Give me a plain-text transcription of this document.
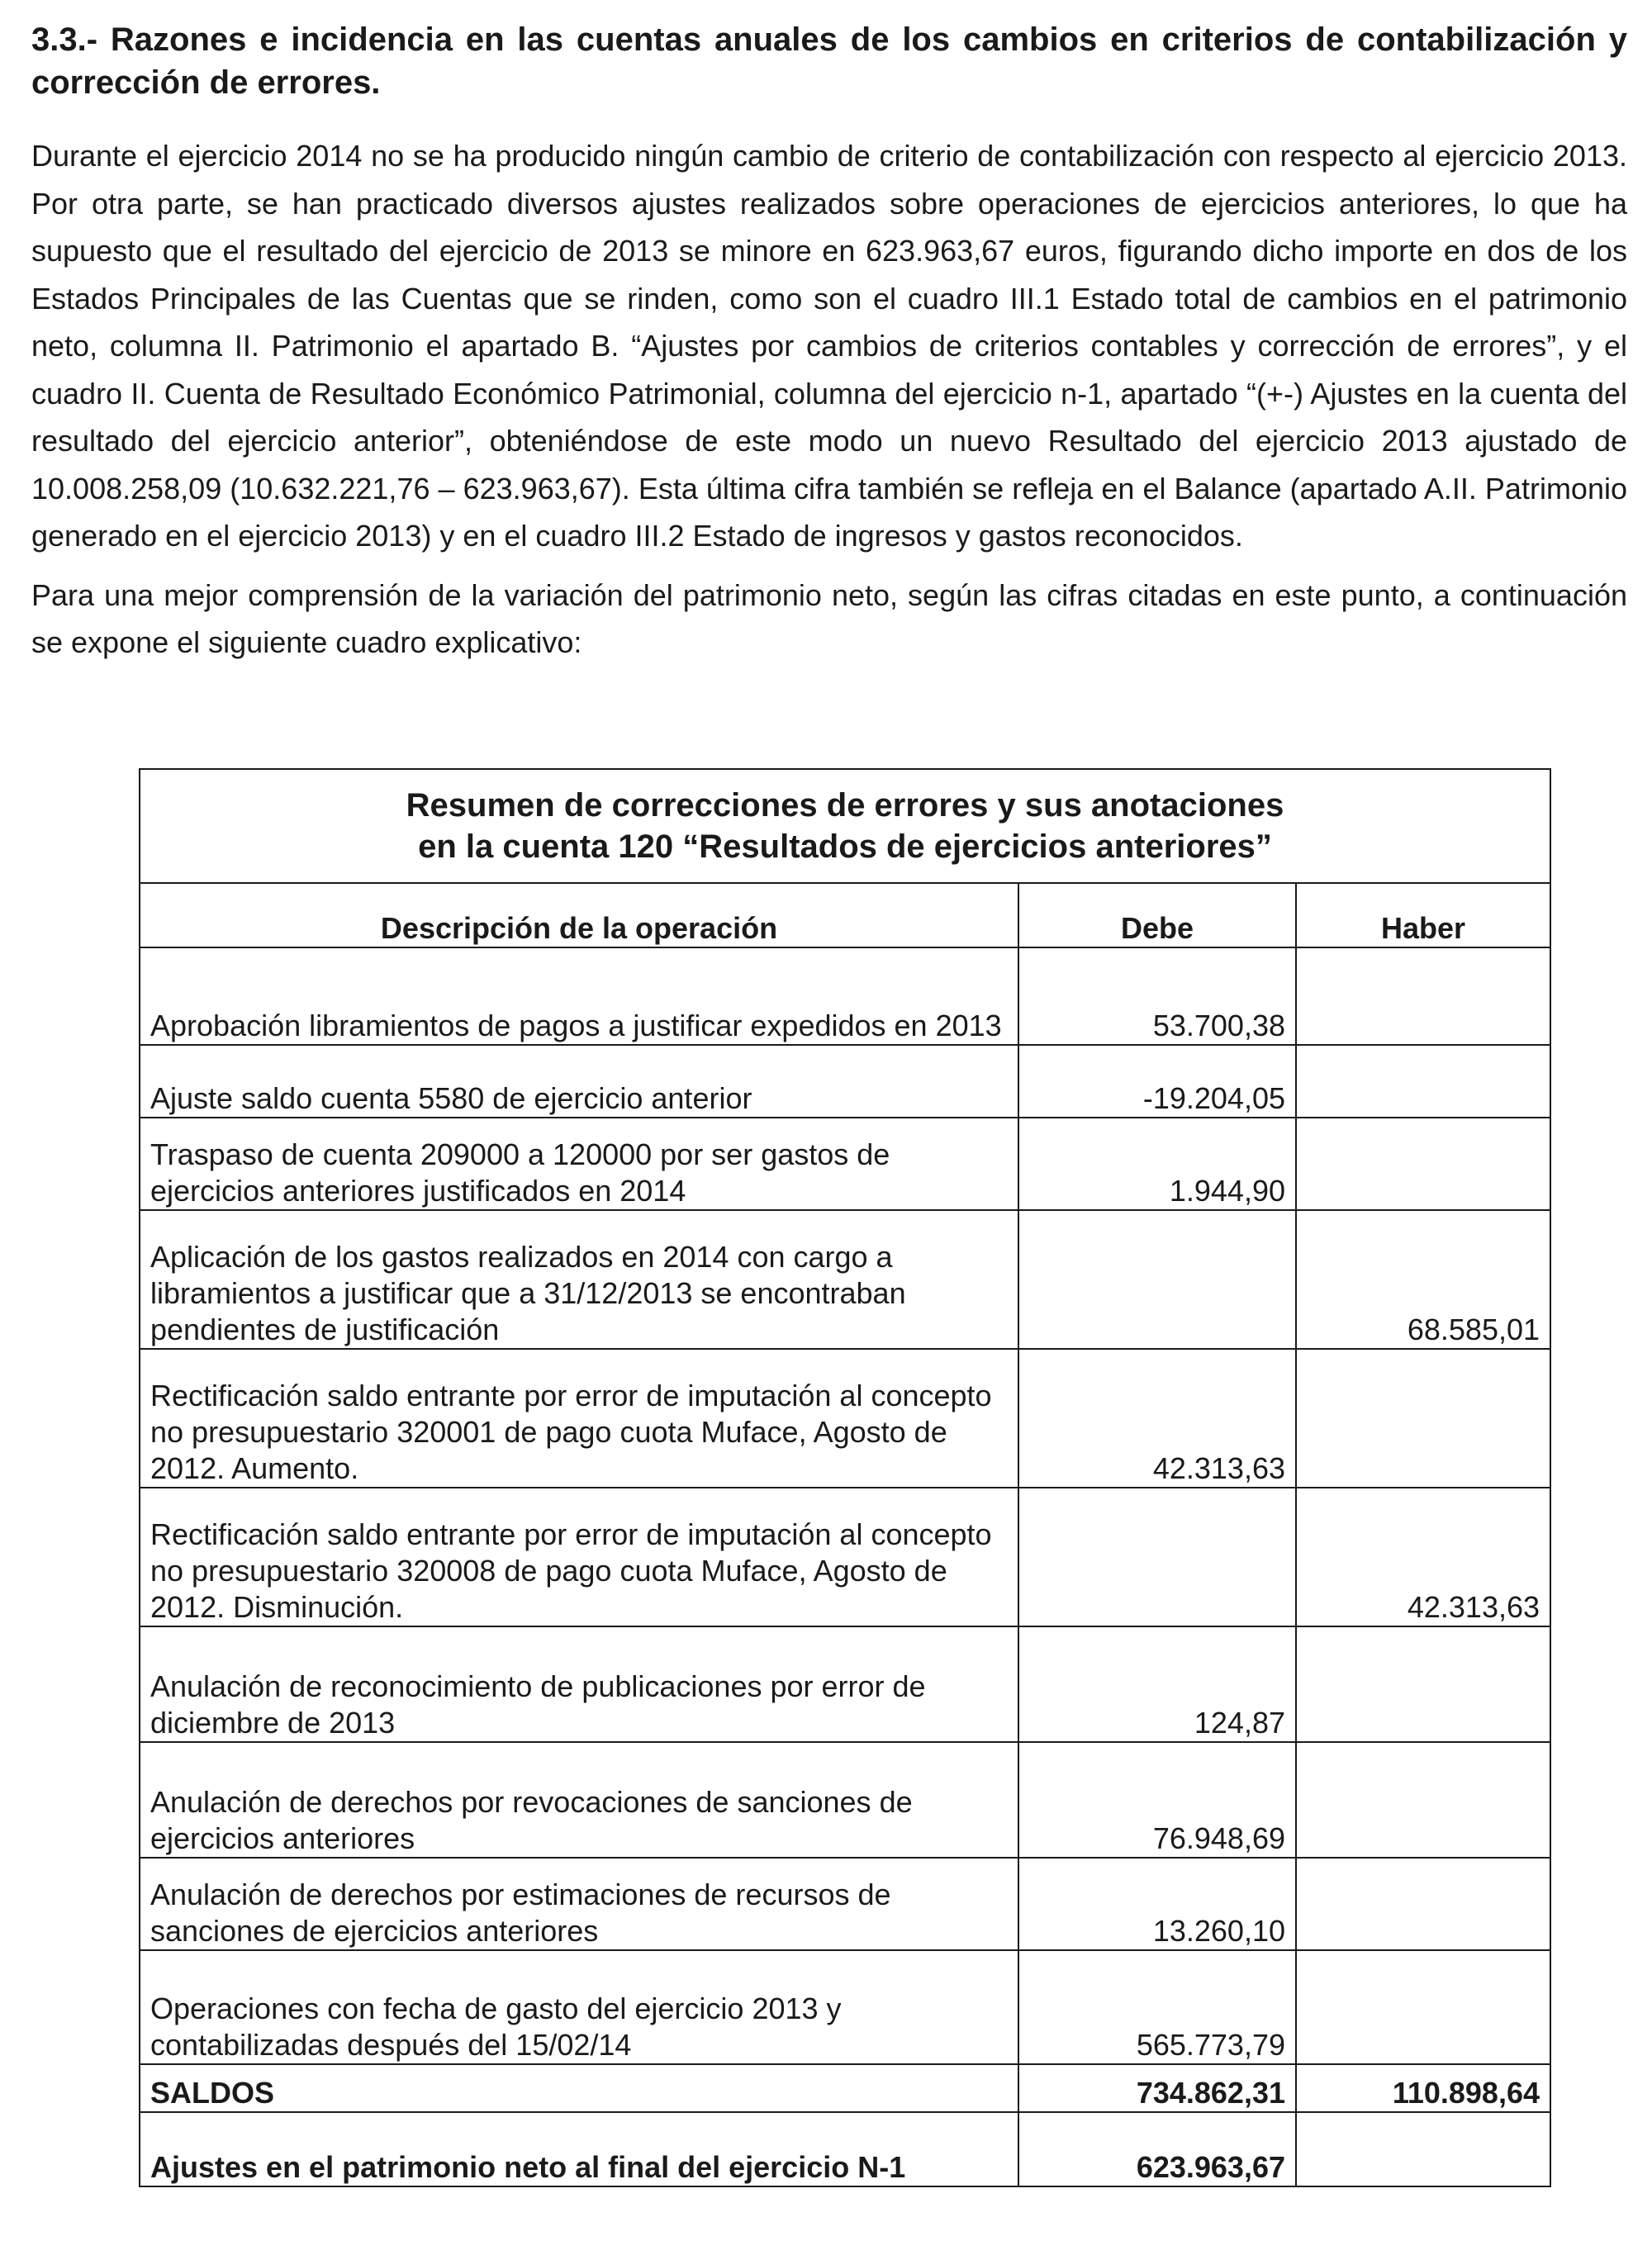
3.3.- Razones e incidencia en las cuentas anuales de los cambios en criterios de contabilización y corrección de errores.

Durante el ejercicio 2014 no se ha producido ningún cambio de criterio de contabilización con respecto al ejercicio 2013. Por otra parte, se han practicado diversos ajustes realizados sobre operaciones de ejercicios anteriores, lo que ha supuesto que el resultado del ejercicio de 2013 se minore en 623.963,67 euros, figurando dicho importe en dos de los Estados Principales de las Cuentas que se rinden, como son el cuadro III.1 Estado total de cambios en el patrimonio neto, columna II. Patrimonio el apartado B. “Ajustes por cambios de criterios contables y corrección de errores”, y el cuadro II. Cuenta de Resultado Económico Patrimonial, columna del ejercicio n-1, apartado “(+-) Ajustes en la cuenta del resultado del ejercicio anterior”, obteniéndose de este modo un nuevo Resultado del ejercicio 2013 ajustado de 10.008.258,09 (10.632.221,76 – 623.963,67). Esta última cifra también se refleja en el Balance (apartado A.II. Patrimonio generado en el ejercicio 2013) y en el cuadro III.2 Estado de ingresos y gastos reconocidos.

Para una mejor comprensión de la variación del patrimonio neto, según las cifras citadas en este punto, a continuación se expone el siguiente cuadro explicativo:

Resumen de correcciones de errores y sus anotaciones
en la cuenta 120 “Resultados de ejercicios anteriores”		

Descripción de la operación	Debe	Haber
Aprobación libramientos de pagos a justificar expedidos en 2013	53.700,38	
Ajuste saldo cuenta 5580 de ejercicio anterior	-19.204,05	
Traspaso de cuenta 209000 a 120000 por ser gastos de ejercicios anteriores justificados en 2014	1.944,90	
Aplicación de los gastos realizados en 2014 con cargo a libramientos a justificar que a 31/12/2013 se encontraban pendientes de justificación		68.585,01
Rectificación saldo entrante por error de imputación al concepto no presupuestario 320001 de pago cuota Muface, Agosto de 2012. Aumento.	42.313,63	
Rectificación saldo entrante por error de imputación al concepto no presupuestario 320008 de pago cuota Muface, Agosto de 2012. Disminución.		42.313,63
Anulación de reconocimiento de publicaciones por error de diciembre de 2013	124,87	
Anulación de derechos por revocaciones de sanciones de ejercicios anteriores	76.948,69	
Anulación de derechos por estimaciones de recursos de sanciones de ejercicios anteriores	13.260,10	
Operaciones con fecha de gasto del ejercicio 2013 y contabilizadas después del 15/02/14	565.773,79	
SALDOS	734.862,31	110.898,64
Ajustes en el patrimonio neto al final del ejercicio N-1	623.963,67	
